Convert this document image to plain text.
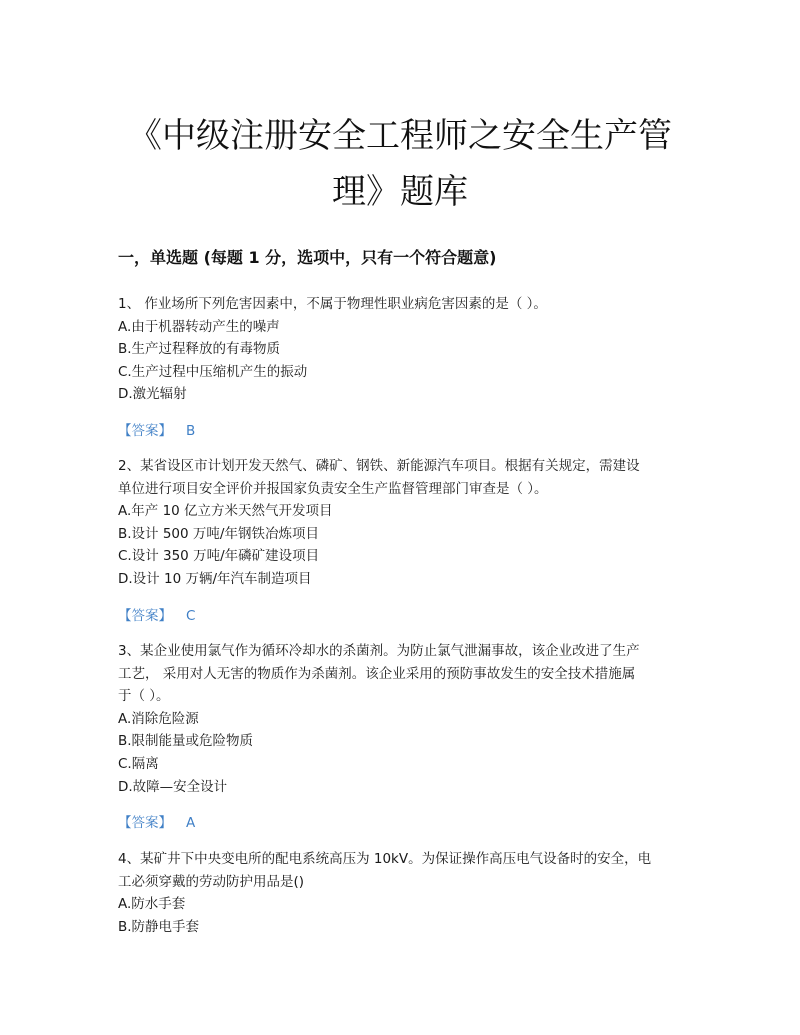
《中级注册安全工程师之安全生产管
理》题库
一，单选题 (每题 1 分，选项中，只有一个符合题意)

1、 作业场所下列危害因素中，不属于物理性职业病危害因素的是（ ）。

A.由于机器转动产生的噪声

B.生产过程释放的有毒物质

C.生产过程中压缩机产生的振动

D.激光辐射

【答案】 B

2、某省设区市计划开发天然气、磷矿、钢铁、新能源汽车项目。根据有关规定，需建设

单位进行项目安全评价并报国家负责安全生产监督管理部门审查是（ ）。

A.年产 10 亿立方米天然气开发项目

B.设计 500 万吨/年钢铁冶炼项目

C.设计 350 万吨/年磷矿建设项目

D.设计 10 万辆/年汽车制造项目

【答案】 C

3、某企业使用氯气作为循环冷却水的杀菌剂。为防止氯气泄漏事故，该企业改进了生产

工艺， 采用对人无害的物质作为杀菌剂。该企业采用的预防事故发生的安全技术措施属

于（ ）。

A.消除危险源

B.限制能量或危险物质

C.隔离

D.故障—安全设计

【答案】 A

4、某矿井下中央变电所的配电系统高压为 10kV。为保证操作高压电气设备时的安全，电

工必须穿戴的劳动防护用品是()

A.防水手套

B.防静电手套
